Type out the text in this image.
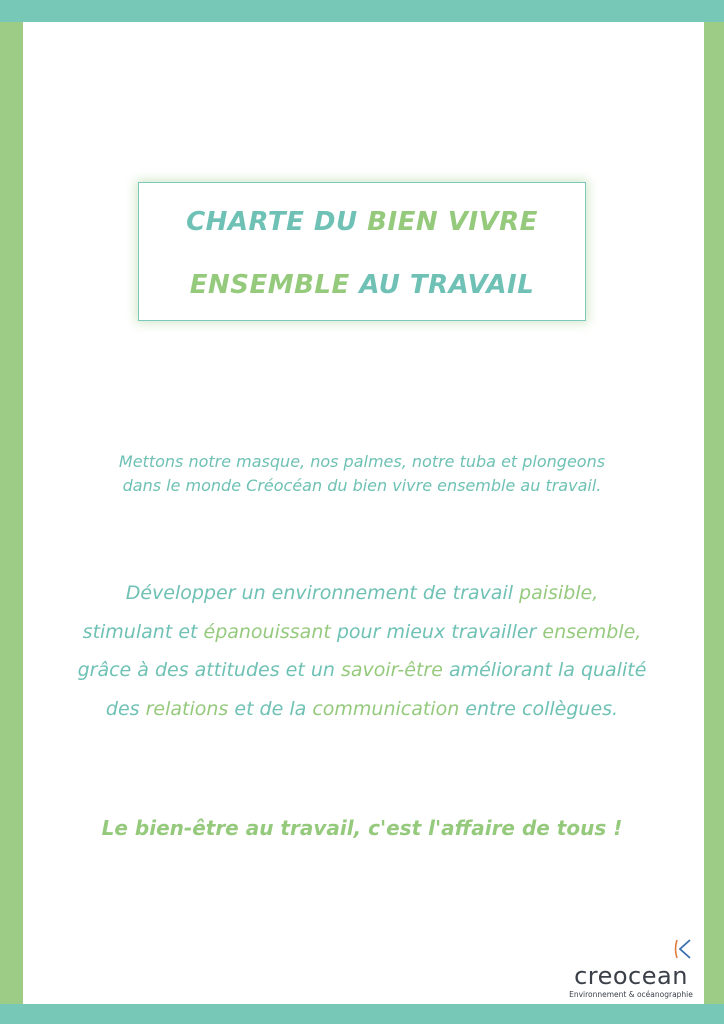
CHARTE DU BIEN VIVRE
ENSEMBLE AU TRAVAIL
Mettons notre masque, nos palmes, notre tuba et plongeons
dans le monde Créocéan du bien vivre ensemble au travail.
Développer un environnement de travail paisible,
stimulant et épanouissant pour mieux travailler ensemble,
grâce à des attitudes et un savoir-être améliorant la qualité
des relations et de la communication entre collègues.
Le bien-être au travail, c'est l'affaire de tous !
creocean
Environnement & océanographie
